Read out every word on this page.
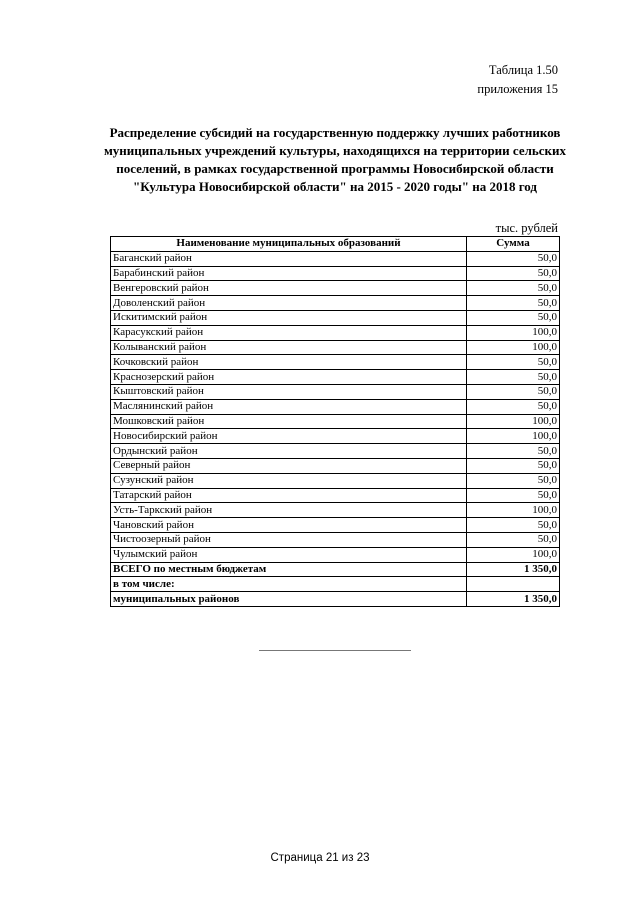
Таблица 1.50
приложения 15
Распределение субсидий на государственную поддержку лучших работников муниципальных учреждений культуры, находящихся на территории сельских поселений, в рамках государственной программы Новосибирской области "Культура Новосибирской области" на 2015 - 2020 годы" на 2018 год
тыс. рублей
Наименование муниципальных образований	Сумма
Баганский район	50,0
Барабинский район	50,0
Венгеровский район	50,0
Доволенский район	50,0
Искитимский район	50,0
Карасукский район	100,0
Колыванский район	100,0
Кочковский район	50,0
Краснозерский район	50,0
Кыштовский район	50,0
Маслянинский район	50,0
Мошковский район	100,0
Новосибирский район	100,0
Ордынский район	50,0
Северный район	50,0
Сузунский район	50,0
Татарский район	50,0
Усть-Таркский район	100,0
Чановский район	50,0
Чистоозерный район	50,0
Чулымский район	100,0
ВСЕГО по местным бюджетам	1 350,0
в том числе:	
муниципальных районов	1 350,0
Страница 21 из 23
